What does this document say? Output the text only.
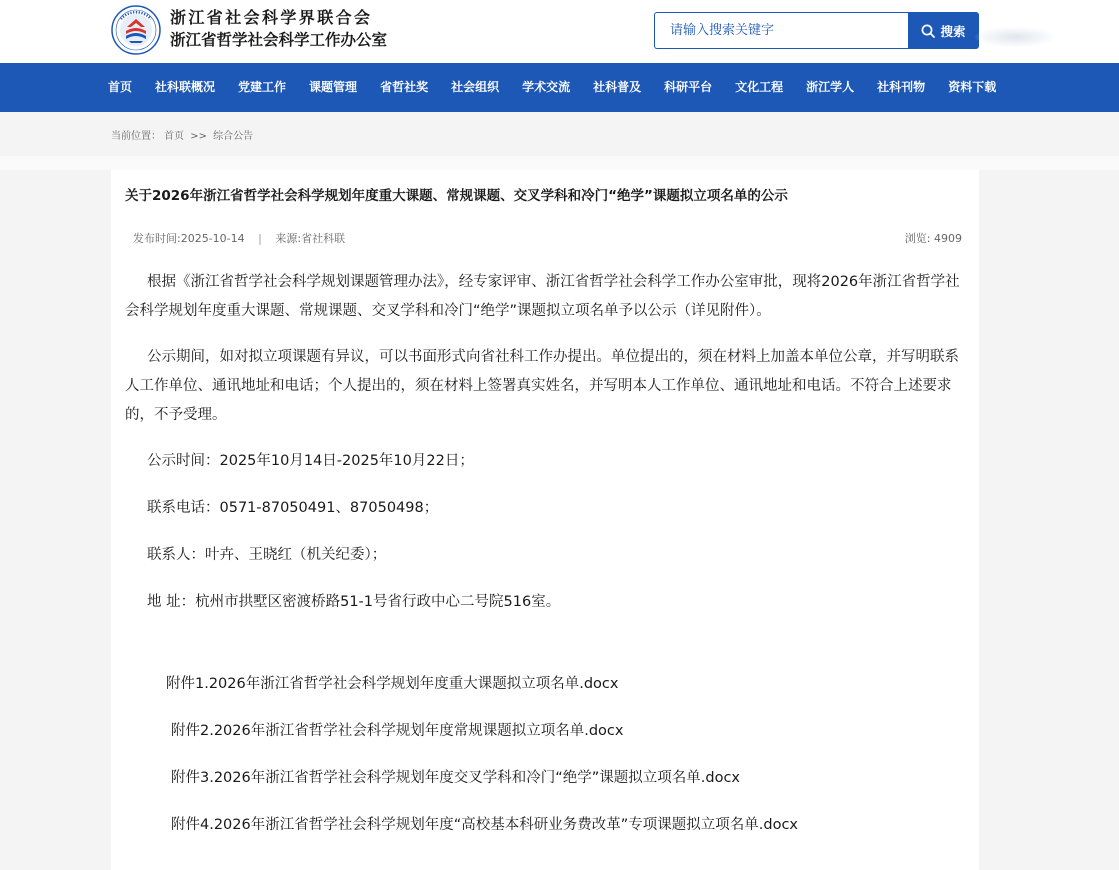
浙江省社会科学界联合会
浙江省哲学社会科学工作办公室
请输入搜索关键字	搜索
首页 社科联概况 党建工作 课题管理 省哲社奖 社会组织 学术交流 社科普及 科研平台 文化工程 浙江学人 社科刊物 资料下载
当前位置： 首页 >> 综合公告
关于2026年浙江省哲学社会科学规划年度重大课题、常规课题、交叉学科和冷门“绝学”课题拟立项名单的公示
发布时间:2025-10-14 | 来源:省社科联	浏览: 4909

根据《浙江省哲学社会科学规划课题管理办法》，经专家评审、浙江省哲学社会科学工作办公室审批，现将2026年浙江省哲学社会科学规划年度重大课题、常规课题、交叉学科和冷门“绝学”课题拟立项名单予以公示（详见附件）。

公示期间，如对拟立项课题有异议，可以书面形式向省社科工作办提出。单位提出的，须在材料上加盖本单位公章，并写明联系人工作单位、通讯地址和电话；个人提出的，须在材料上签署真实姓名，并写明本人工作单位、通讯地址和电话。不符合上述要求的，不予受理。

公示时间：2025年10月14日-2025年10月22日；

联系电话：0571-87050491、87050498；

联系人：叶卉、王晓红（机关纪委）；

地 址：杭州市拱墅区密渡桥路51-1号省行政中心二号院516室。

附件1.2026年浙江省哲学社会科学规划年度重大课题拟立项名单.docx
附件2.2026年浙江省哲学社会科学规划年度常规课题拟立项名单.docx
附件3.2026年浙江省哲学社会科学规划年度交叉学科和冷门“绝学”课题拟立项名单.docx
附件4.2026年浙江省哲学社会科学规划年度“高校基本科研业务费改革”专项课题拟立项名单.docx
